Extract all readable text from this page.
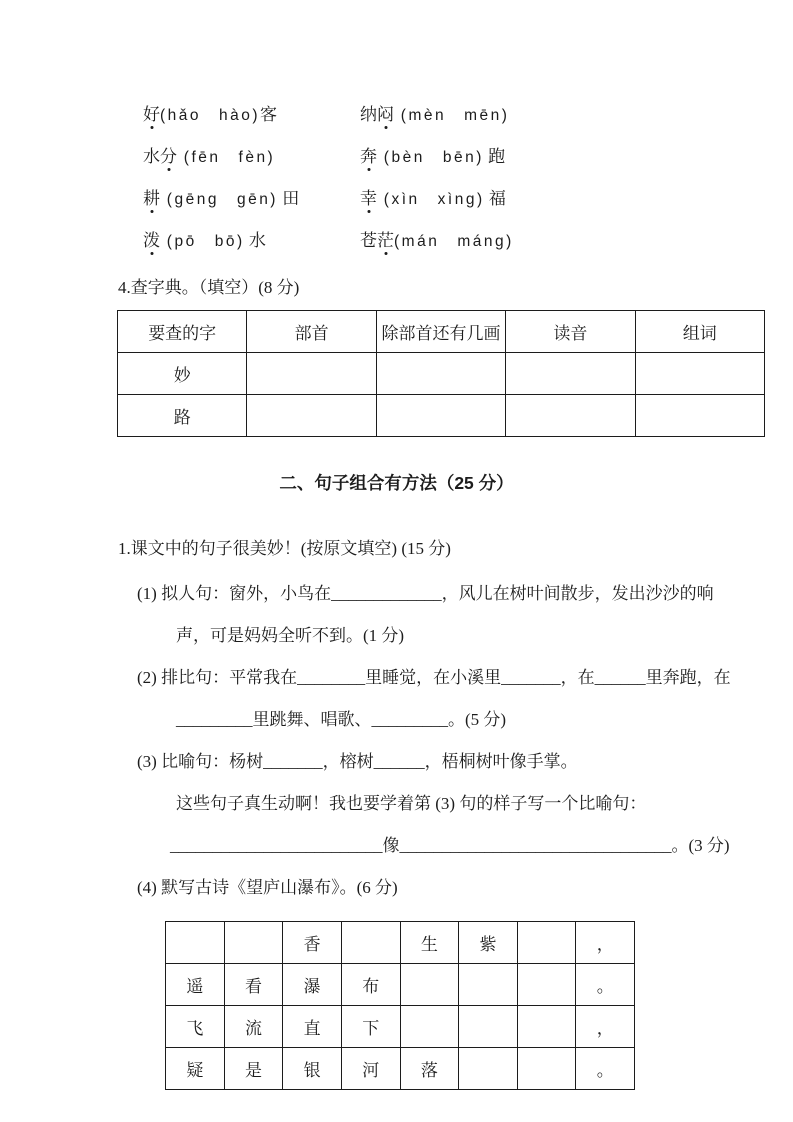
好(hǎo　hào)客	纳闷 (mèn　mēn)
水分 (fēn　fèn)	奔 (bèn　bēn) 跑
耕 (gēng　gēn) 田	幸 (xìn　xìng) 福
泼 (pō　bō) 水	苍茫(mán　máng)
4.查字典。（填空）(8 分)
要查的字	部首	除部首还有几画	读音	组词
妙				
路				
二、句子组合有方法（25 分）
1.课文中的句子很美妙！(按原文填空) (15 分)
(1) 拟人句：窗外，小鸟在_____________，风儿在树叶间散步，发出沙沙的响
声，可是妈妈全听不到。(1 分)
(2) 排比句：平常我在________里睡觉，在小溪里_______，在______里奔跑，在
_________里跳舞、唱歌、_________。(5 分)
(3) 比喻句：杨树_______，榕树______，梧桐树叶像手掌。
这些句子真生动啊！我也要学着第 (3) 句的样子写一个比喻句：
_________________________像________________________________。(3 分)
(4) 默写古诗《望庐山瀑布》。(6 分)
		香		生	紫		，
遥	看	瀑	布				。
飞	流	直	下				，
疑	是	银	河	落			。
